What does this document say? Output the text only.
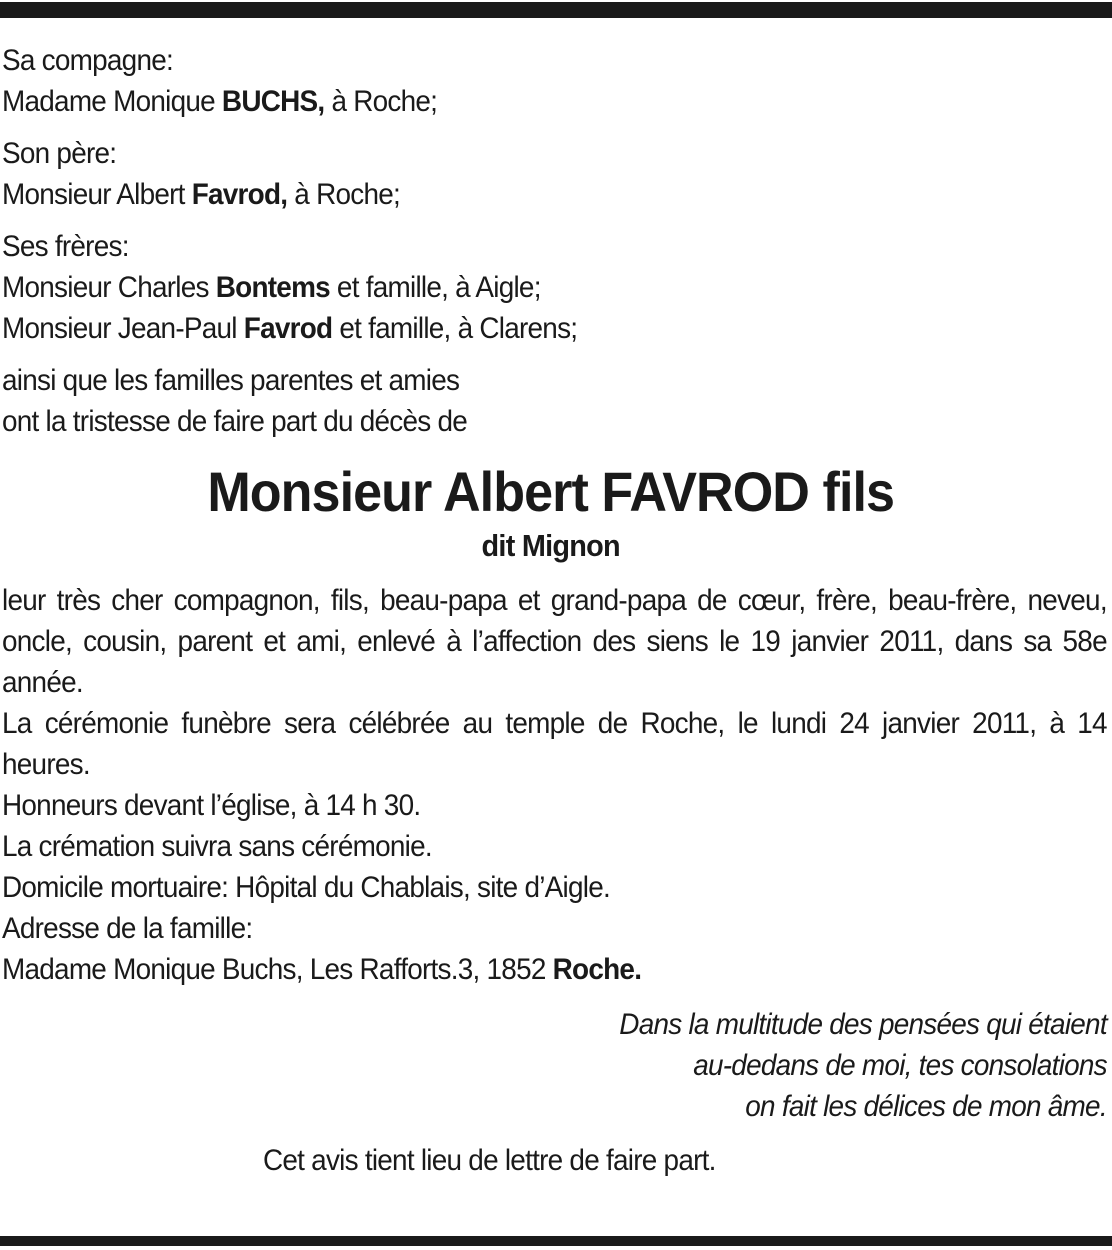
Sa compagne:
Madame Monique BUCHS, à Roche;

Son père:
Monsieur Albert Favrod, à Roche;

Ses frères:
Monsieur Charles Bontems et famille, à Aigle;
Monsieur Jean-Paul Favrod et famille, à Clarens;

ainsi que les familles parentes et amies
ont la tristesse de faire part du décès de

Monsieur Albert FAVROD fils

dit Mignon

leur très cher compagnon, fils, beau-papa et grand-papa de cœur, frère, beau-frère, neveu, oncle, cousin, parent et ami, enlevé à l’affection des siens le 19 janvier 2011, dans sa 58e année.
La cérémonie funèbre sera célébrée au temple de Roche, le lundi 24 janvier 2011, à 14 heures.
Honneurs devant l’église, à 14 h 30.
La crémation suivra sans cérémonie.
Domicile mortuaire: Hôpital du Chablais, site d’Aigle.
Adresse de la famille:
Madame Monique Buchs, Les Rafforts.3, 1852 Roche.

Dans la multitude des pensées qui étaient
au-dedans de moi, tes consolations
on fait les délices de mon âme.

Cet avis tient lieu de lettre de faire part.
